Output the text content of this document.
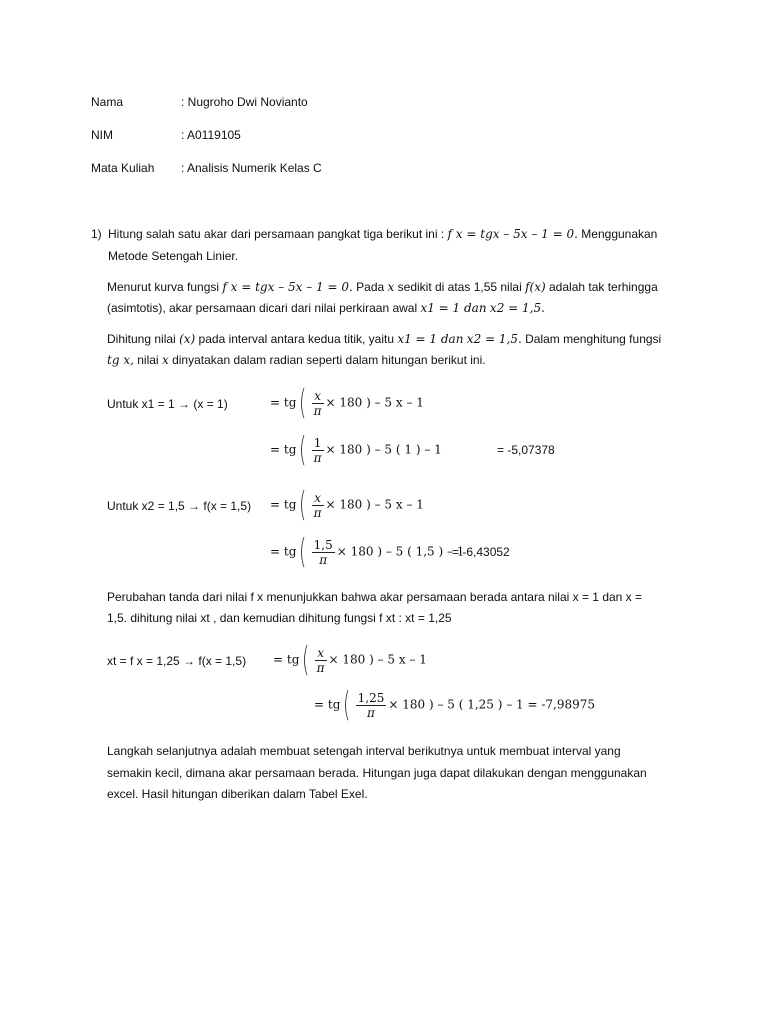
Nama	: Nugroho Dwi Novianto
NIM	: A0119105
Mata Kuliah : Analisis Numerik Kelas C
1) Hitung salah satu akar dari persamaan pangkat tiga berikut ini : f x = tgx – 5x – 1 = 0. Menggunakan
Metode Setengah Linier.
Menurut kurva fungsi f x = tgx – 5x – 1 = 0. Pada x sedikit di atas 1,55 nilai f(x) adalah tak terhingga
(asimtotis), akar persamaan dicari dari nilai perkiraan awal x1 = 1 dan x2 = 1,5.
Dihitung nilai (x) pada interval antara kedua titik, yaitu x1 = 1 dan x2 = 1,5. Dalam menghitung fungsi
tg x, nilai x dinyatakan dalam radian seperti dalam hitungan berikut ini.
Untuk x1 = 1 → (x = 1)	= $tg( \frac{x}{\pi} \times 180$ ) – 5 x – 1
= $tg( \frac{1}{\pi} \times 180$ ) – 5 ( 1 ) – 1	= -5,07378
Untuk $x2 = 1,5 \to f(x = 1,5) = tg( \frac{x}{\pi} \times 180$ ) – 5 x – 1
= $tg( \frac{1,5}{\pi} \times 180$ ) – 5 ( 1,5 ) – 1
= -6,43052
Perubahan tanda dari nilai f x menunjukkan bahwa akar persamaan berada antara nilai x = 1 dan x =
1,5. dihitung nilai xt , dan kemudian dihitung fungsi f xt : xt = 1,25
xt = f $x = 1,25 \to f(x = 1,5) = tg( \frac{x}{\pi} \times 180$ ) – 5 x – 1
= $tg( \frac{1,25}{\pi} \times 180$ ) – 5 ( 1,25 ) – 1 = -7,98975
Langkah selanjutnya adalah membuat setengah interval berikutnya untuk membuat interval yang
semakin kecil, dimana akar persamaan berada. Hitungan juga dapat dilakukan dengan menggunakan
excel. Hasil hitungan diberikan dalam Tabel Exel.
